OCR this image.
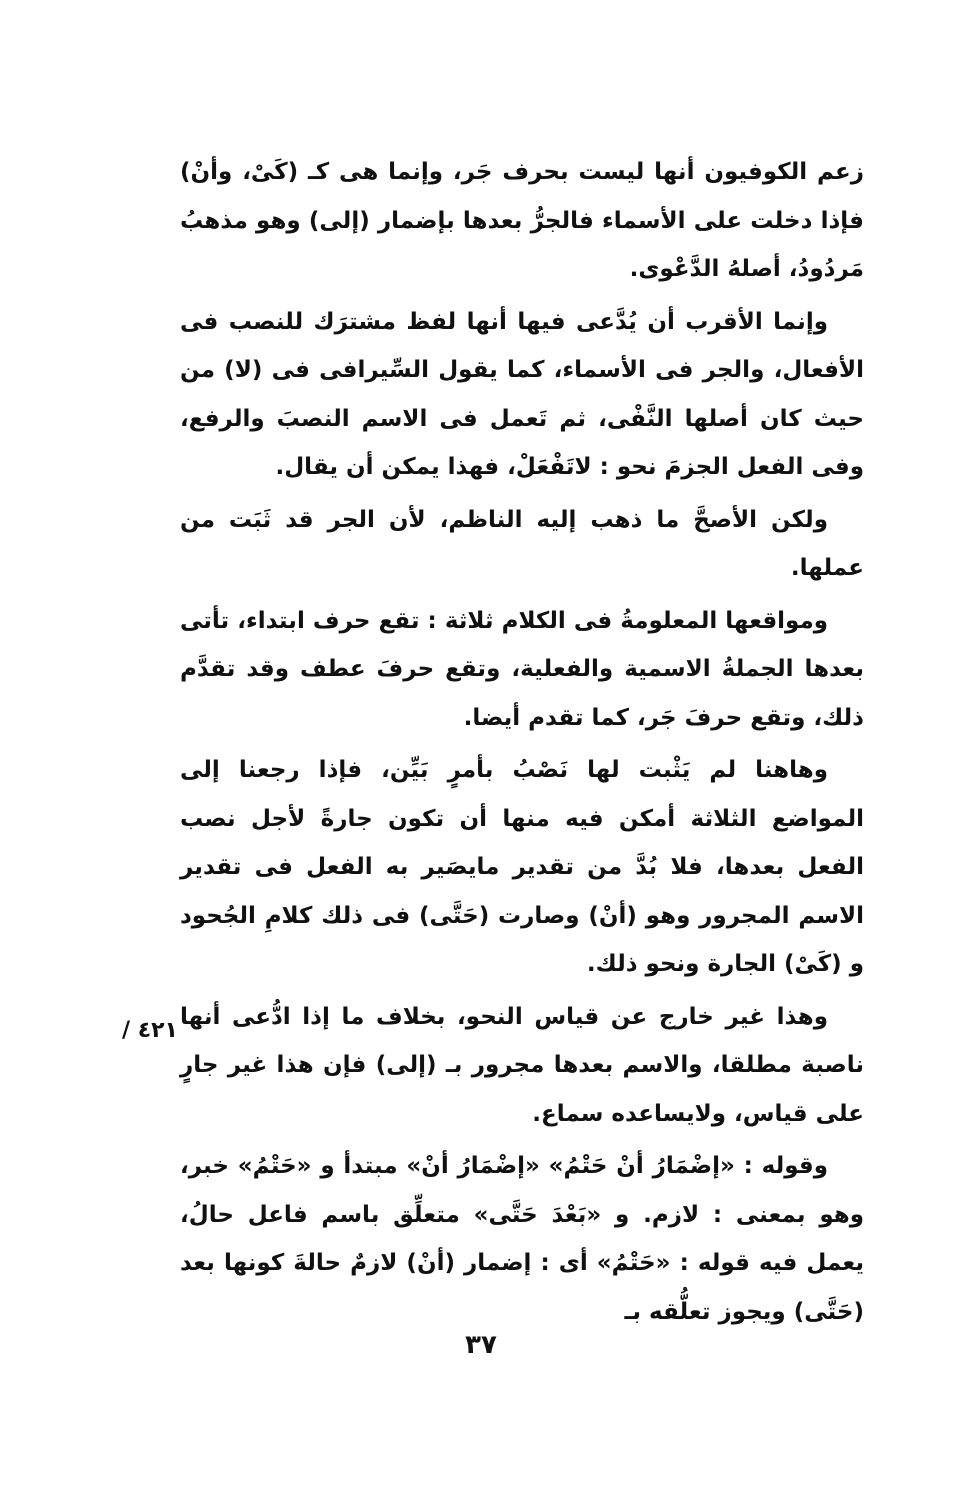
زعم الكوفيون أنها ليست بحرف جَر، وإنما هى كـ (كَىْ، وأنْ) فإذا دخلت على الأسماء فالجرُّ بعدها بإضمار (إلى) وهو مذهبُ مَردُودُ، أصلهُ الدَّعْوى.

وإنما الأقرب أن يُدَّعى فيها أنها لفظ مشترَك للنصب فى الأفعال، والجر فى الأسماء، كما يقول السِّيرافى فى (لا) من حيث كان أصلها النَّفْى، ثم تَعمل فى الاسم النصبَ والرفع، وفى الفعل الجزمَ نحو : لاتَفْعَلْ، فهذا يمكن أن يقال.

ولكن الأصحَّ ما ذهب إليه الناظم، لأن الجر قد ثَبَت من عملها.

ومواقعها المعلومةُ فى الكلام ثلاثة : تقع حرف ابتداء، تأتى بعدها الجملةُ الاسمية والفعلية، وتقع حرفَ عطف وقد تقدَّم ذلك، وتقع حرفَ جَر، كما تقدم أيضا.

وهاهنا لم يَثْبت لها نَصْبُ بأمرٍ بَيِّن، فإذا رجعنا إلى المواضع الثلاثة أمكن فيه منها أن تكون جارةً لأجل نصب الفعل بعدها، فلا بُدَّ من تقدير مايصَير به الفعل فى تقدير الاسم المجرور وهو (أنْ) وصارت (حَتَّى) فى ذلك كلامِ الجُحود و (كَىْ) الجارة ونحو ذلك.

وهذا غير خارج عن قياس النحو، بخلاف ما إذا ادُّعى أنها ناصبة مطلقا، والاسم بعدها مجرور بـ (إلى) فإن هذا غير جارٍ على قياس، ولايساعده سماع.

وقوله : «إضْمَارُ أنْ حَتْمُ» «إضْمَارُ أنْ» مبتدأ و «حَتْمُ» خبر، وهو بمعنى : لازم. و «بَعْدَ حَتَّى» متعلِّق باسم فاعل حالُ، يعمل فيه قوله : «حَتْمُ» أى : إضمار (أنْ) لازمٌ حالةَ كونها بعد (حَتَّى) ويجوز تعلُّقه بـ

٤٢١ /
٣٧
